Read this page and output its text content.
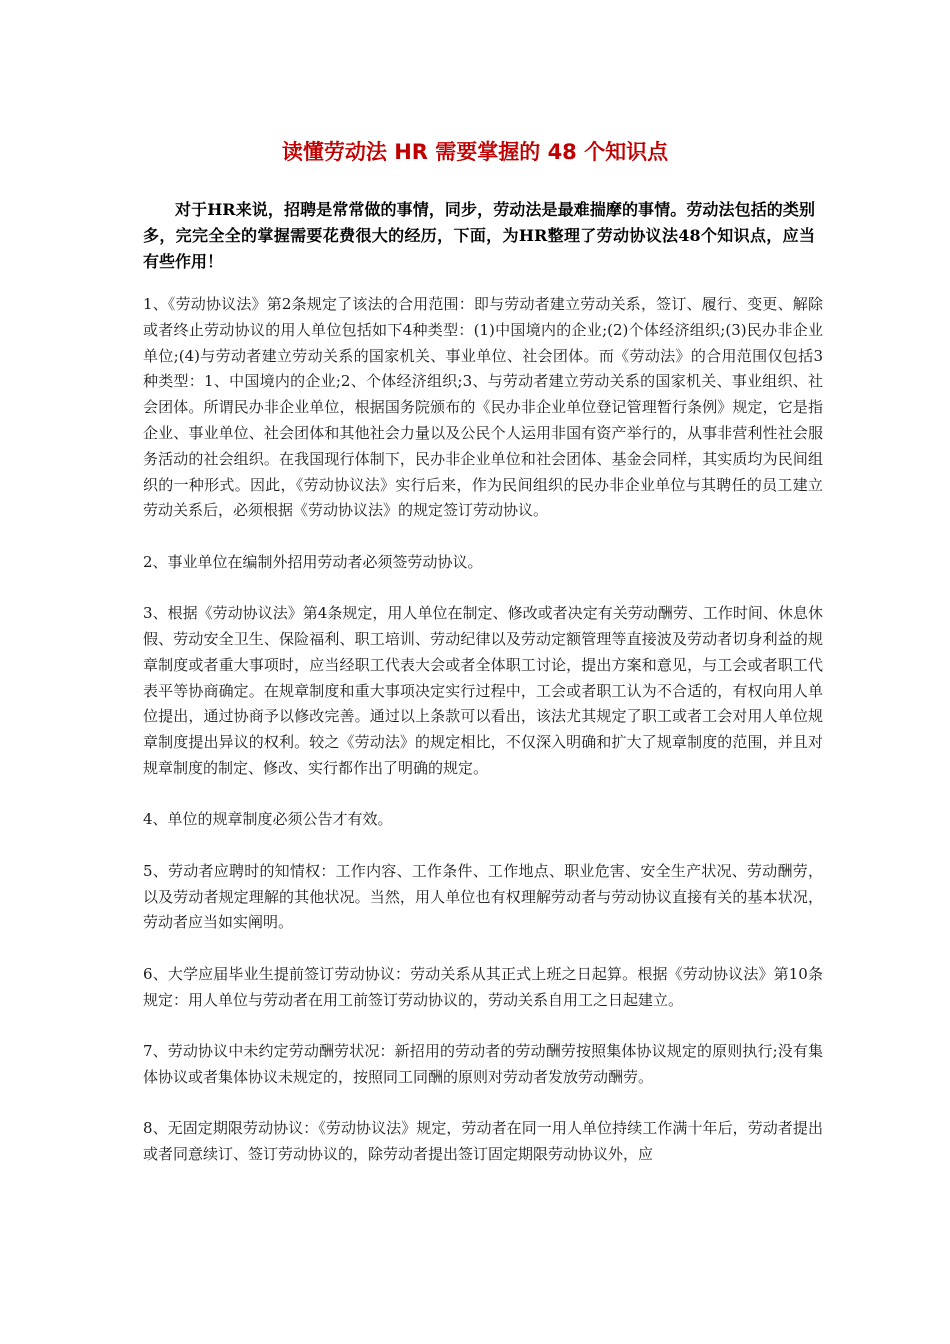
读懂劳动法 HR 需要掌握的 48 个知识点

对于HR来说，招聘是常常做的事情，同步，劳动法是最难揣摩的事情。劳动法包括的类别多，完完全全的掌握需要花费很大的经历，下面，为HR整理了劳动协议法48个知识点，应当有些作用！

1、《劳动协议法》第2条规定了该法的合用范围：即与劳动者建立劳动关系，签订、履行、变更、解除或者终止劳动协议的用人单位包括如下4种类型：(1)中国境内的企业;(2)个体经济组织;(3)民办非企业单位;(4)与劳动者建立劳动关系的国家机关、事业单位、社会团体。而《劳动法》的合用范围仅包括3种类型：1、中国境内的企业;2、个体经济组织;3、与劳动者建立劳动关系的国家机关、事业组织、社会团体。所谓民办非企业单位，根据国务院颁布的《民办非企业单位登记管理暂行条例》规定，它是指企业、事业单位、社会团体和其他社会力量以及公民个人运用非国有资产举行的，从事非营利性社会服务活动的社会组织。在我国现行体制下，民办非企业单位和社会团体、基金会同样，其实质均为民间组织的一种形式。因此，《劳动协议法》实行后来，作为民间组织的民办非企业单位与其聘任的员工建立劳动关系后，必须根据《劳动协议法》的规定签订劳动协议。

2、事业单位在编制外招用劳动者必须签劳动协议。

3、根据《劳动协议法》第4条规定，用人单位在制定、修改或者决定有关劳动酬劳、工作时间、休息休假、劳动安全卫生、保险福利、职工培训、劳动纪律以及劳动定额管理等直接波及劳动者切身利益的规章制度或者重大事项时，应当经职工代表大会或者全体职工讨论，提出方案和意见，与工会或者职工代表平等协商确定。在规章制度和重大事项决定实行过程中，工会或者职工认为不合适的，有权向用人单位提出，通过协商予以修改完善。通过以上条款可以看出，该法尤其规定了职工或者工会对用人单位规章制度提出异议的权利。较之《劳动法》的规定相比，不仅深入明确和扩大了规章制度的范围，并且对规章制度的制定、修改、实行都作出了明确的规定。

4、单位的规章制度必须公告才有效。

5、劳动者应聘时的知情权：工作内容、工作条件、工作地点、职业危害、安全生产状况、劳动酬劳，以及劳动者规定理解的其他状况。当然，用人单位也有权理解劳动者与劳动协议直接有关的基本状况，劳动者应当如实阐明。

6、大学应届毕业生提前签订劳动协议：劳动关系从其正式上班之日起算。根据《劳动协议法》第10条规定：用人单位与劳动者在用工前签订劳动协议的，劳动关系自用工之日起建立。

7、劳动协议中未约定劳动酬劳状况：新招用的劳动者的劳动酬劳按照集体协议规定的原则执行;没有集体协议或者集体协议未规定的，按照同工同酬的原则对劳动者发放劳动酬劳。

8、无固定期限劳动协议：《劳动协议法》规定，劳动者在同一用人单位持续工作满十年后，劳动者提出或者同意续订、签订劳动协议的，除劳动者提出签订固定期限劳动协议外，应
